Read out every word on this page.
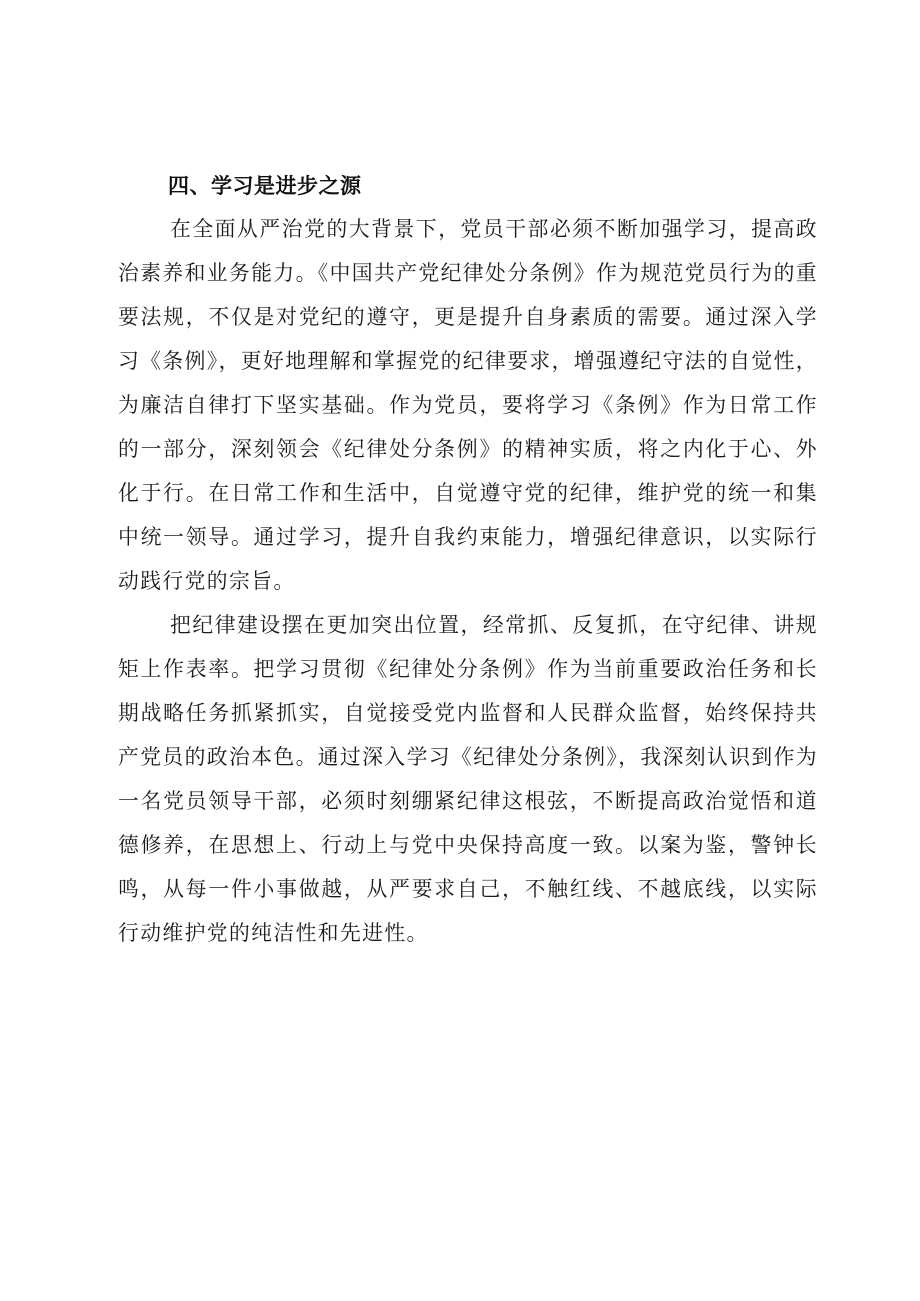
四、学习是进步之源

在全面从严治党的大背景下，党员干部必须不断加强学习，提高政治素养和业务能力。《中国共产党纪律处分条例》作为规范党员行为的重要法规，不仅是对党纪的遵守，更是提升自身素质的需要。通过深入学习《条例》，更好地理解和掌握党的纪律要求，增强遵纪守法的自觉性，为廉洁自律打下坚实基础。作为党员，要将学习《条例》作为日常工作的一部分，深刻领会《纪律处分条例》的精神实质，将之内化于心、外化于行。在日常工作和生活中，自觉遵守党的纪律，维护党的统一和集中统一领导。通过学习，提升自我约束能力，增强纪律意识，以实际行动践行党的宗旨。

把纪律建设摆在更加突出位置，经常抓、反复抓，在守纪律、讲规矩上作表率。把学习贯彻《纪律处分条例》作为当前重要政治任务和长期战略任务抓紧抓实，自觉接受党内监督和人民群众监督，始终保持共产党员的政治本色。通过深入学习《纪律处分条例》，我深刻认识到作为一名党员领导干部，必须时刻绷紧纪律这根弦，不断提高政治觉悟和道德修养，在思想上、行动上与党中央保持高度一致。以案为鉴，警钟长鸣，从每一件小事做越，从严要求自己，不触红线、不越底线，以实际行动维护党的纯洁性和先进性。
